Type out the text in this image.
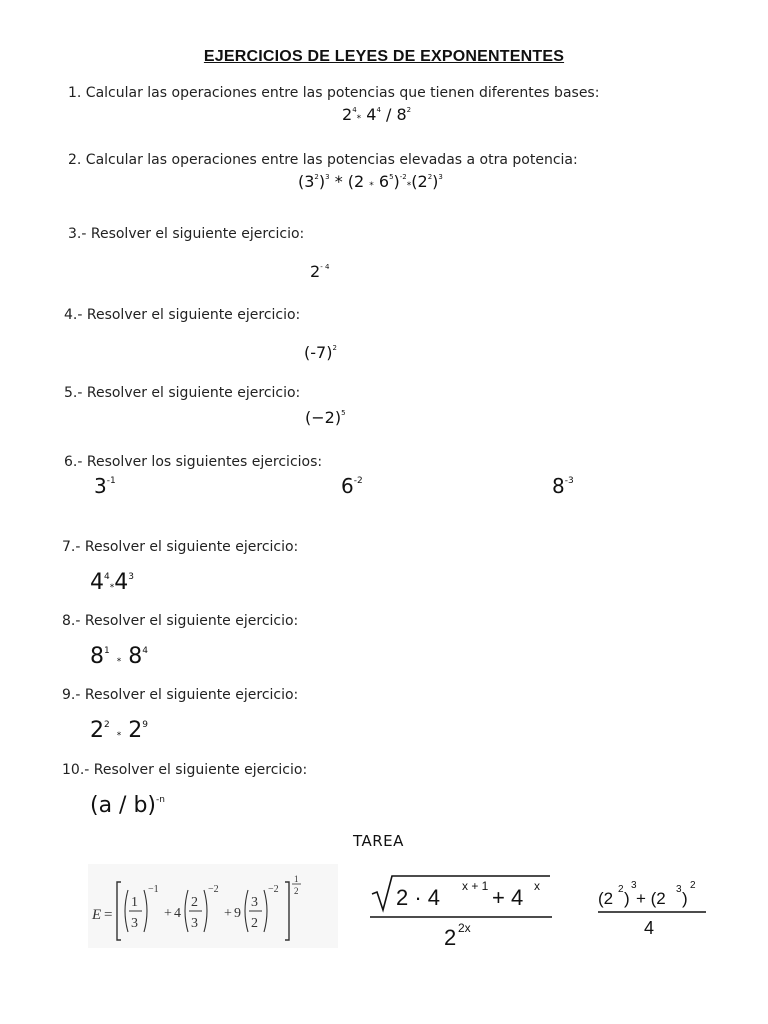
EJERCICIOS DE LEYES DE EXPONENTENTES
1. Calcular las operaciones entre las potencias que tienen diferentes bases:
$2^4*$ $4^4 / 8^2$
2. Calcular las operaciones entre las potencias elevadas a otra potencia:
$(3^2)^3 * (2 * 6^5)^{-2}*(2^2)^3$
3.- Resolver el siguiente ejercicio:
$2^{- 4}$
4.- Resolver el siguiente ejercicio:
$(-7)^2$
5.- Resolver el siguiente ejercicio:
$(-2)^5$
6.- Resolver los siguientes ejercicios:
$3^{-1}$	$6^{-2}$	$8^{-3}$
7.- Resolver el siguiente ejercicio:
$4^4*4^3$
8.- Resolver el siguiente ejercicio:
$8^1 * 8^4$
9.- Resolver el siguiente ejercicio:
$2^2 * 2^9$
10.- Resolver el siguiente ejercicio:
(a / b)$^{-n}$
TAREA
E =
1
3
−1
+ 4
2
3
−2
+ 9
3
2
−2
1
2	2 · 4 x + 1 + 4 x
2 2x
(2 2 )
3
+ (2 3 )
2
4
